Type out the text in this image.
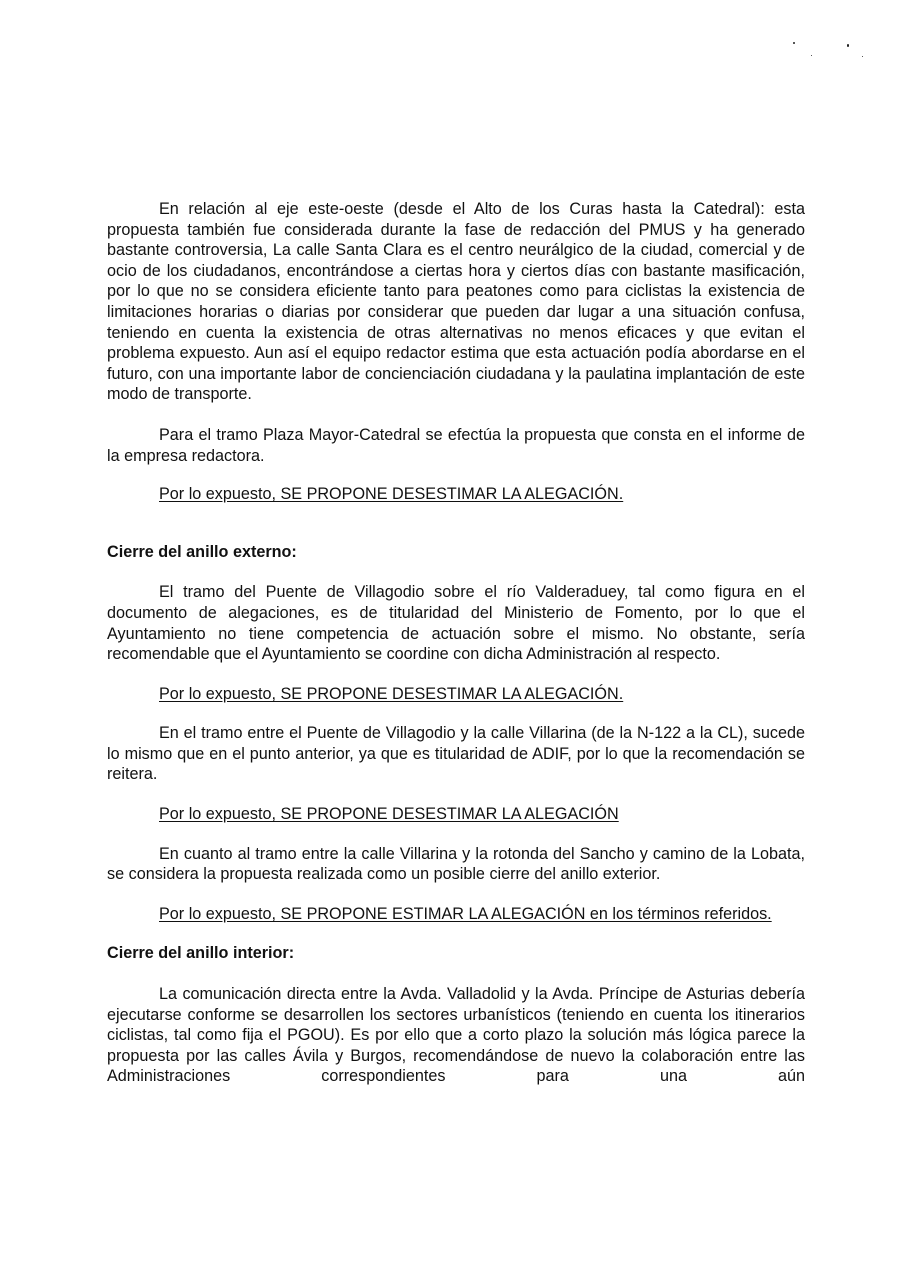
En relación al eje este-oeste (desde el Alto de los Curas hasta la Catedral): esta propuesta también fue considerada durante la fase de redacción del PMUS y ha generado bastante controversia, La calle Santa Clara es el centro neurálgico de la ciudad, comercial y de ocio de los ciudadanos, encontrándose a ciertas hora y ciertos días con bastante masificación, por lo que no se considera eficiente tanto para peatones como para ciclistas la existencia de limitaciones horarias o diarias por considerar que pueden dar lugar a una situación confusa, teniendo en cuenta la existencia de otras alternativas no menos eficaces y que evitan el problema expuesto. Aun así el equipo redactor estima que esta actuación podía abordarse en el futuro, con una importante labor de concienciación ciudadana y la paulatina implantación de este modo de transporte.

Para el tramo Plaza Mayor-Catedral se efectúa la propuesta que consta en el informe de la empresa redactora.

Por lo expuesto, SE PROPONE DESESTIMAR LA ALEGACIÓN.

Cierre del anillo externo:

El tramo del Puente de Villagodio sobre el río Valderaduey, tal como figura en el documento de alegaciones, es de titularidad del Ministerio de Fomento, por lo que el Ayuntamiento no tiene competencia de actuación sobre el mismo. No obstante, sería recomendable que el Ayuntamiento se coordine con dicha Administración al respecto.

Por lo expuesto, SE PROPONE DESESTIMAR LA ALEGACIÓN.

En el tramo entre el Puente de Villagodio y la calle Villarina (de la N-122 a la CL), sucede lo mismo que en el punto anterior, ya que es titularidad de ADIF, por lo que la recomendación se reitera.

Por lo expuesto, SE PROPONE DESESTIMAR LA ALEGACIÓN

En cuanto al tramo entre la calle Villarina y la rotonda del Sancho y camino de la Lobata, se considera la propuesta realizada como un posible cierre del anillo exterior.

Por lo expuesto, SE PROPONE ESTIMAR LA ALEGACIÓN en los términos referidos.

Cierre del anillo interior:

La comunicación directa entre la Avda. Valladolid y la Avda. Príncipe de Asturias debería ejecutarse conforme se desarrollen los sectores urbanísticos (teniendo en cuenta los itinerarios ciclistas, tal como fija el PGOU). Es por ello que a corto plazo la solución más lógica parece la propuesta por las calles Ávila y Burgos, recomendándose de nuevo la colaboración entre las Administraciones correspondientes para una aún
